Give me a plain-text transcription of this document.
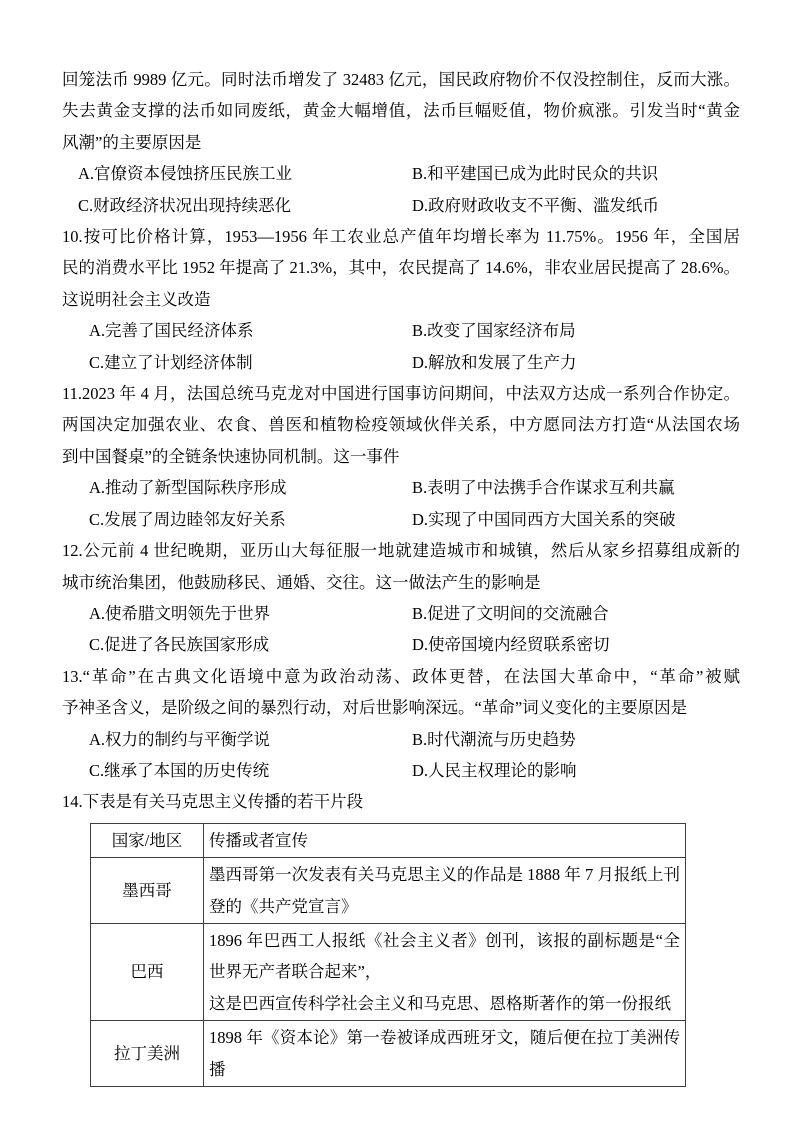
回笼法币 9989 亿元。同时法币增发了 32483 亿元，国民政府物价不仅没控制住，反而大涨。
失去黄金支撑的法币如同废纸，黄金大幅增值，法币巨幅贬值，物价疯涨。引发当时“黄金
风潮”的主要原因是
A.官僚资本侵蚀挤压民族工业	B.和平建国已成为此时民众的共识
C.财政经济状况出现持续恶化	D.政府财政收支不平衡、滥发纸币
10.按可比价格计算，1953—1956 年工农业总产值年均增长率为 11.75%。1956 年，全国居
民的消费水平比 1952 年提高了 21.3%，其中，农民提高了 14.6%，非农业居民提高了 28.6%。
这说明社会主义改造
A.完善了国民经济体系	B.改变了国家经济布局
C.建立了计划经济体制	D.解放和发展了生产力
11.2023 年 4 月，法国总统马克龙对中国进行国事访问期间，中法双方达成一系列合作协定。
两国决定加强农业、农食、兽医和植物检疫领域伙伴关系，中方愿同法方打造“从法国农场
到中国餐桌”的全链条快速协同机制。这一事件
A.推动了新型国际秩序形成	B.表明了中法携手合作谋求互利共赢
C.发展了周边睦邻友好关系	D.实现了中国同西方大国关系的突破
12.公元前 4 世纪晚期，亚历山大每征服一地就建造城市和城镇，然后从家乡招募组成新的
城市统治集团，他鼓励移民、通婚、交往。这一做法产生的影响是
A.使希腊文明领先于世界	B.促进了文明间的交流融合
C.促进了各民族国家形成	D.使帝国境内经贸联系密切
13.“革命”在古典文化语境中意为政治动荡、政体更替，在法国大革命中，“革命”被赋
予神圣含义，是阶级之间的暴烈行动，对后世影响深远。“革命”词义变化的主要原因是
A.权力的制约与平衡学说	B.时代潮流与历史趋势
C.继承了本国的历史传统	D.人民主权理论的影响
14.下表是有关马克思主义传播的若干片段
国家/地区	传播或者宣传
墨西哥	墨西哥第一次发表有关马克思主义的作品是 1888 年 7 月报纸上刊登的《共产党宣言》

巴西	1896 年巴西工人报纸《社会主义者》创刊，该报的副标题是“全世界无产者联合起来”，
这是巴西宣传科学社会主义和马克思、恩格斯著作的第一份报纸

拉丁美洲	1898 年《资本论》第一卷被译成西班牙文，随后便在拉丁美洲传播
